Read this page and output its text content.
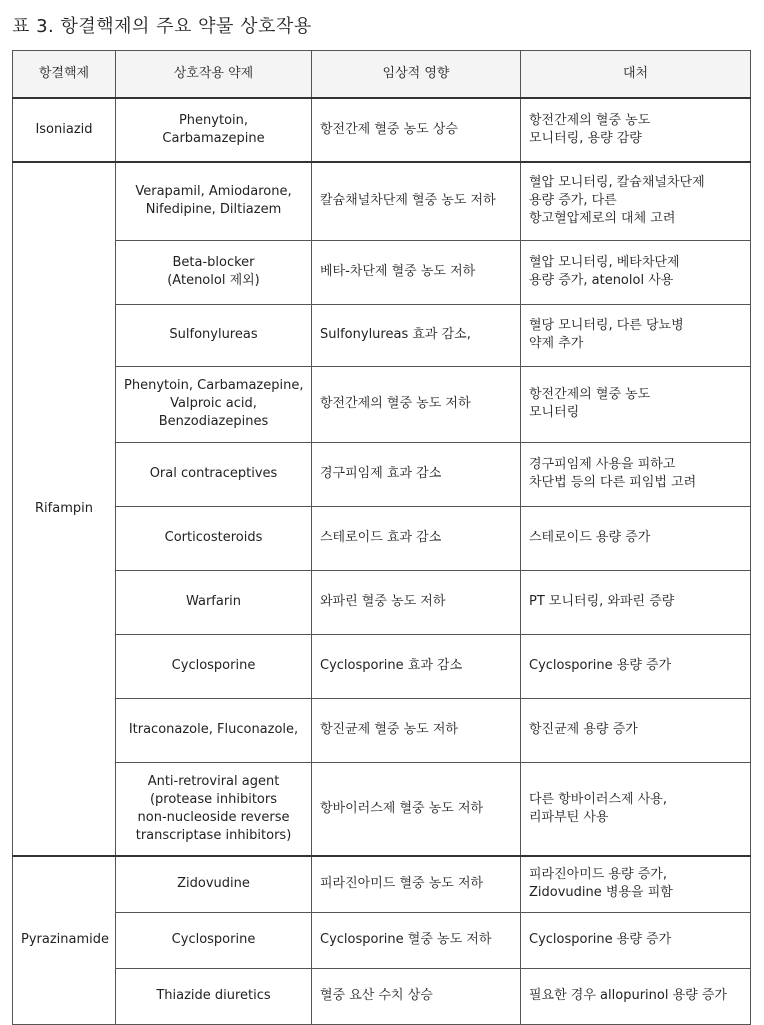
표 3. 항결핵제의 주요 약물 상호작용
항결핵제	상호작용 약제	임상적 영향	대처
Isoniazid	Phenytoin,
Carbamazepine	항전간제 혈중 농도 상승	항전간제의 혈중 농도
모니터링, 용량 감량

Rifampin	Verapamil, Amiodarone,
Nifedipine, Diltiazem	칼슘채널차단제 혈중 농도 저하	혈압 모니터링, 칼슘채널차단제
용량 증가, 다른
항고혈압제로의 대체 고려

	Beta-blocker
(Atenolol 제외)	베타-차단제 혈중 농도 저하	혈압 모니터링, 베타차단제
용량 증가, atenolol 사용

	Sulfonylureas	Sulfonylureas 효과 감소,	혈당 모니터링, 다른 당뇨병
약제 추가

	Phenytoin, Carbamazepine,
Valproic acid,
Benzodiazepines	항전간제의 혈중 농도 저하	항전간제의 혈중 농도
모니터링

	Oral contraceptives	경구피임제 효과 감소	경구피임제 사용을 피하고
차단법 등의 다른 피임법 고려

	Corticosteroids	스테로이드 효과 감소	스테로이드 용량 증가

	Warfarin	와파린 혈중 농도 저하	PT 모니터링, 와파린 증량

	Cyclosporine	Cyclosporine 효과 감소	Cyclosporine 용량 증가

	Itraconazole, Fluconazole,	항진균제 혈중 농도 저하	항진균제 용량 증가

	Anti-retroviral agent
(protease inhibitors
non-nucleoside reverse
transcriptase inhibitors)	항바이러스제 혈중 농도 저하	다른 항바이러스제 사용,
리파부틴 사용

Pyrazinamide	Zidovudine	피라진아미드 혈중 농도 저하	피라진아미드 용량 증가,
Zidovudine 병용을 피함

	Cyclosporine	Cyclosporine 혈중 농도 저하	Cyclosporine 용량 증가

	Thiazide diuretics	혈중 요산 수치 상승	필요한 경우 allopurinol 용량 증가
